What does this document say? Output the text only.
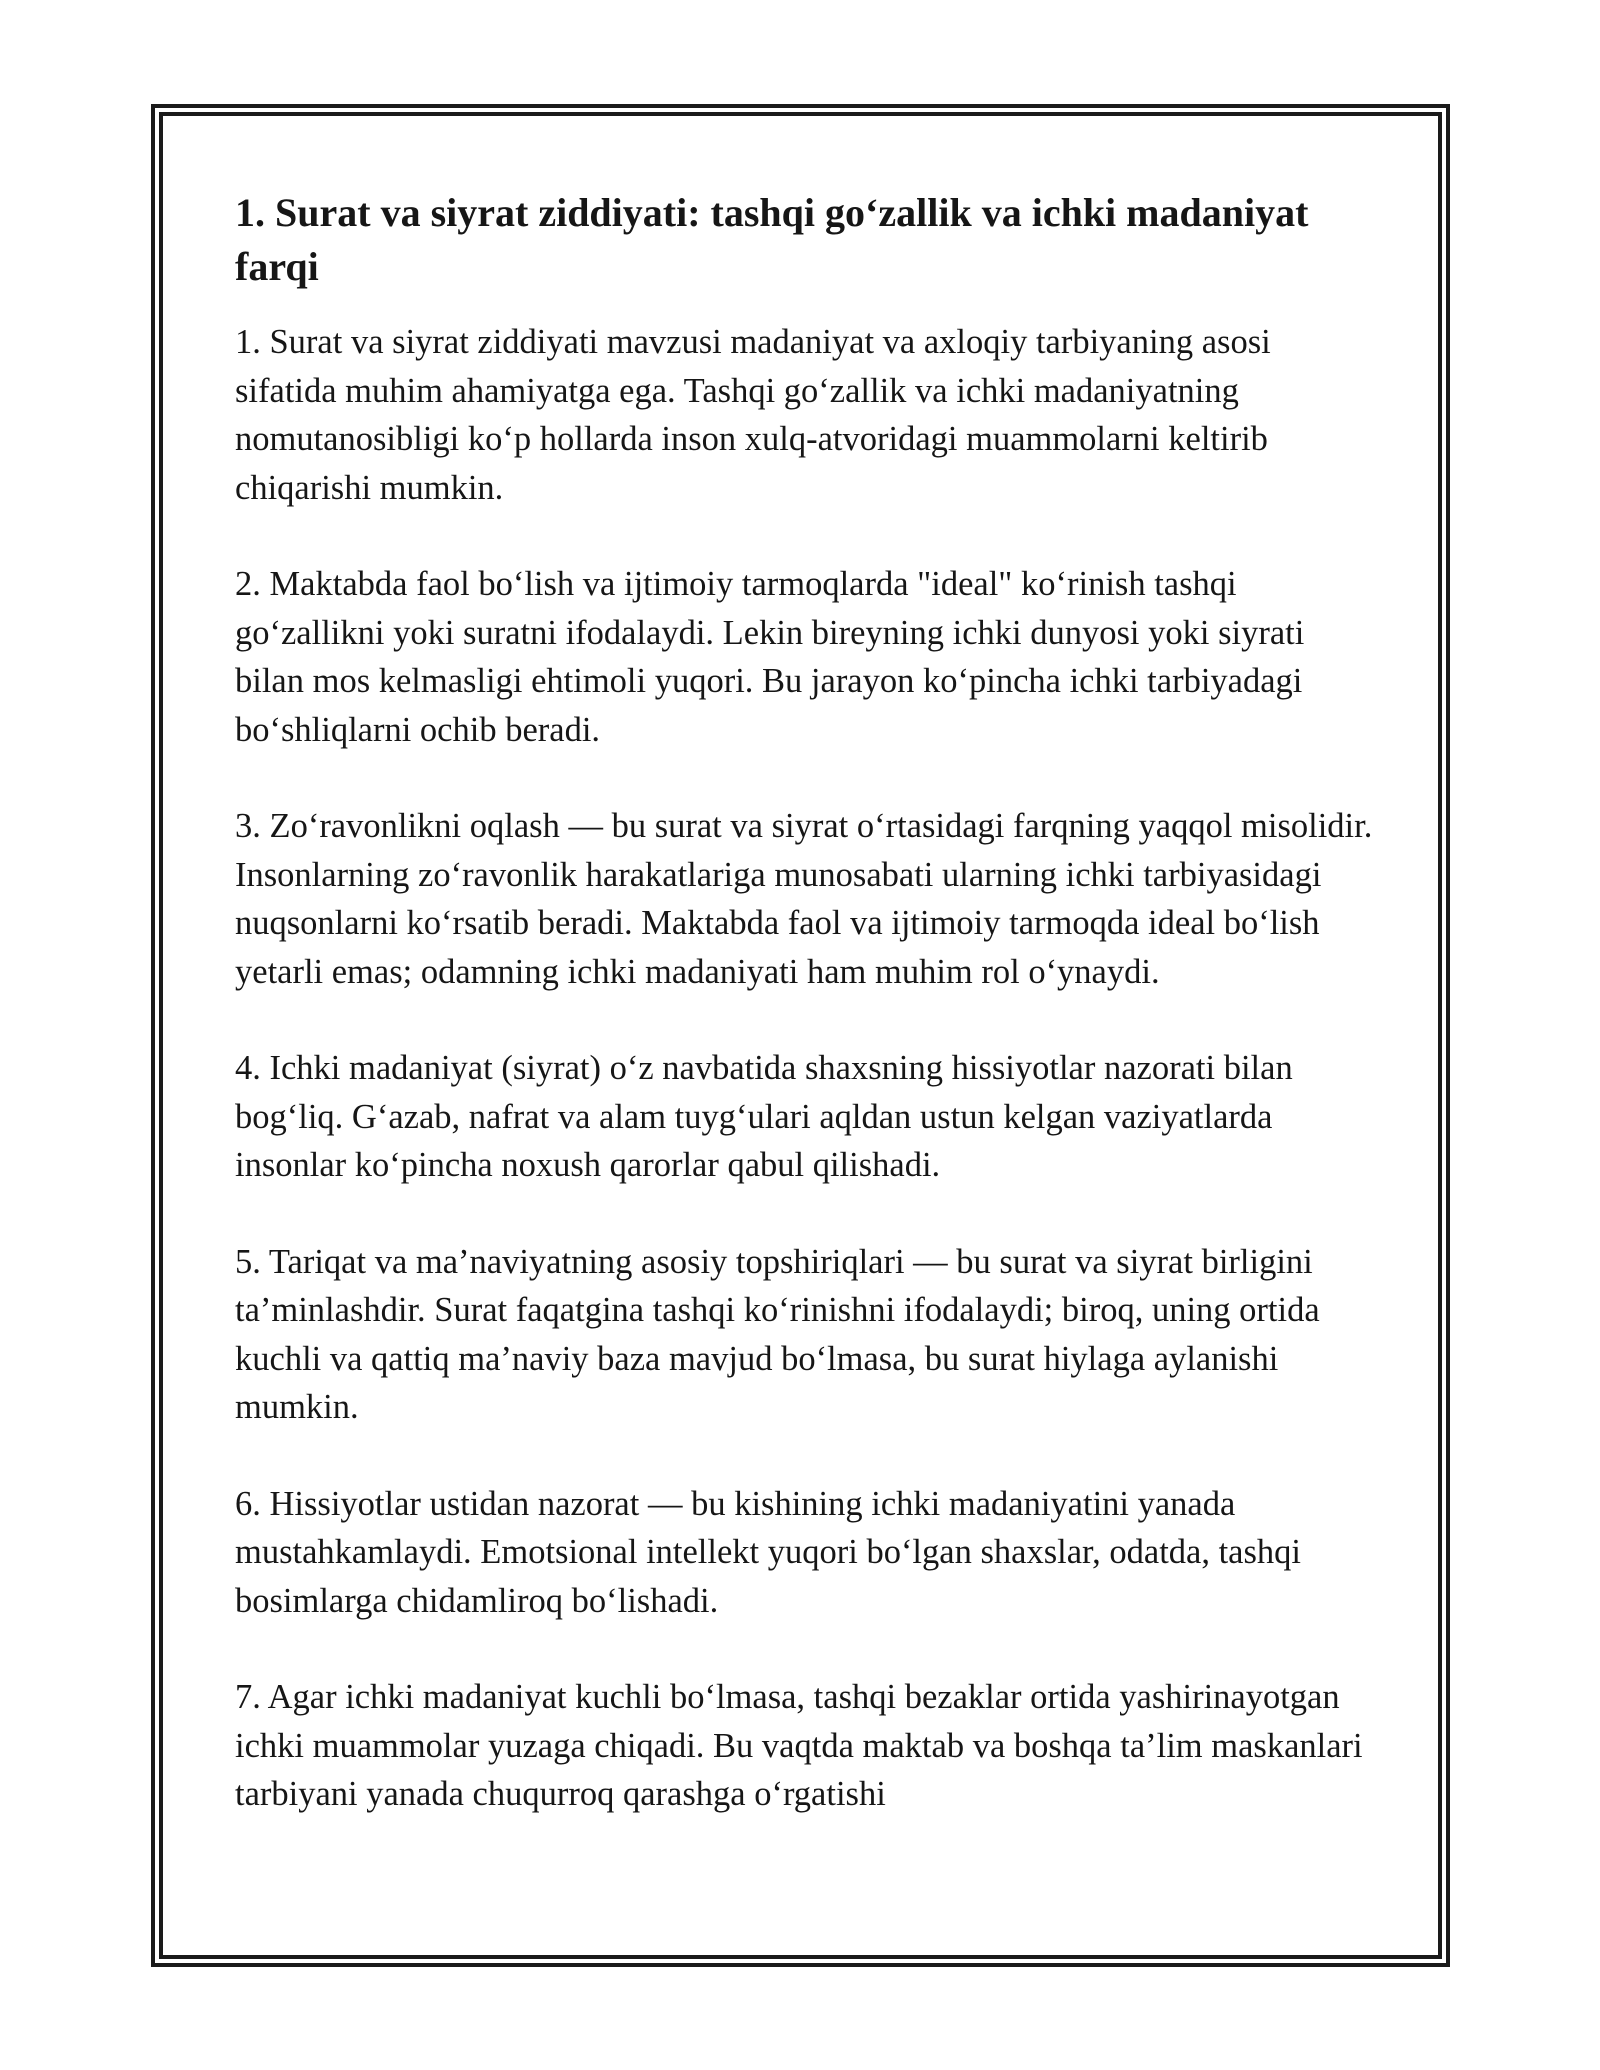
1. Surat va siyrat ziddiyati: tashqi go‘zallik va ichki madaniyat farqi

1. Surat va siyrat ziddiyati mavzusi madaniyat va axloqiy tarbiyaning asosi sifatida muhim ahamiyatga ega. Tashqi go‘zallik va ichki madaniyatning nomutanosibligi ko‘p hollarda inson xulq-atvoridagi muammolarni keltirib chiqarishi mumkin.

2. Maktabda faol bo‘lish va ijtimoiy tarmoqlarda "ideal" ko‘rinish tashqi go‘zallikni yoki suratni ifodalaydi. Lekin bireyning ichki dunyosi yoki siyrati bilan mos kelmasligi ehtimoli yuqori. Bu jarayon ko‘pincha ichki tarbiyadagi bo‘shliqlarni ochib beradi.

3. Zo‘ravonlikni oqlash — bu surat va siyrat o‘rtasidagi farqning yaqqol misolidir. Insonlarning zo‘ravonlik harakatlariga munosabati ularning ichki tarbiyasidagi nuqsonlarni ko‘rsatib beradi. Maktabda faol va ijtimoiy tarmoqda ideal bo‘lish yetarli emas; odamning ichki madaniyati ham muhim rol o‘ynaydi.

4. Ichki madaniyat (siyrat) o‘z navbatida shaxsning hissiyotlar nazorati bilan bog‘liq. G‘azab, nafrat va alam tuyg‘ulari aqldan ustun kelgan vaziyatlarda insonlar ko‘pincha noxush qarorlar qabul qilishadi.

5. Tariqat va ma’naviyatning asosiy topshiriqlari — bu surat va siyrat birligini ta’minlashdir. Surat faqatgina tashqi ko‘rinishni ifodalaydi; biroq, uning ortida kuchli va qattiq ma’naviy baza mavjud bo‘lmasa, bu surat hiylaga aylanishi mumkin.

6. Hissiyotlar ustidan nazorat — bu kishining ichki madaniyatini yanada mustahkamlaydi. Emotsional intellekt yuqori bo‘lgan shaxslar, odatda, tashqi bosimlarga chidamliroq bo‘lishadi.

7. Agar ichki madaniyat kuchli bo‘lmasa, tashqi bezaklar ortida yashirinayotgan ichki muammolar yuzaga chiqadi. Bu vaqtda maktab va boshqa ta’lim maskanlari tarbiyani yanada chuqurroq qarashga o‘rgatishi
